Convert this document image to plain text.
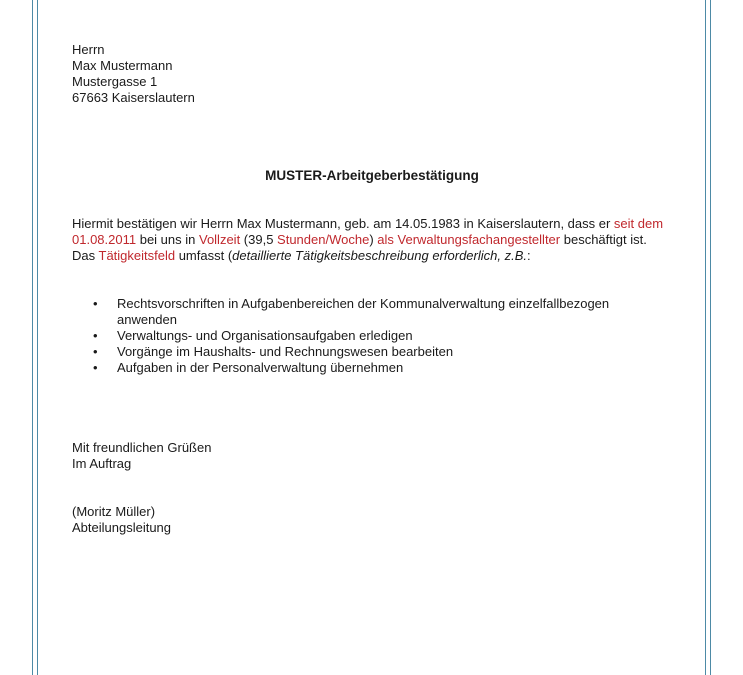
Herrn
Max Mustermann
Mustergasse 1
67663 Kaiserslautern
MUSTER-Arbeitgeberbestätigung
Hiermit bestätigen wir Herrn Max Mustermann, geb. am 14.05.1983 in Kaiserslautern, dass er seit dem 01.08.2011 bei uns in Vollzeit (39,5 Stunden/Woche) als Verwaltungsfachangestellter beschäftigt ist.
Das Tätigkeitsfeld umfasst (detaillierte Tätigkeitsbeschreibung erforderlich, z.B.:
• Rechtsvorschriften in Aufgabenbereichen der Kommunalverwaltung einzelfallbezogen anwenden
• Verwaltungs- und Organisationsaufgaben erledigen
• Vorgänge im Haushalts- und Rechnungswesen bearbeiten
• Aufgaben in der Personalverwaltung übernehmen
Mit freundlichen Grüßen
Im Auftrag
(Moritz Müller)
Abteilungsleitung
